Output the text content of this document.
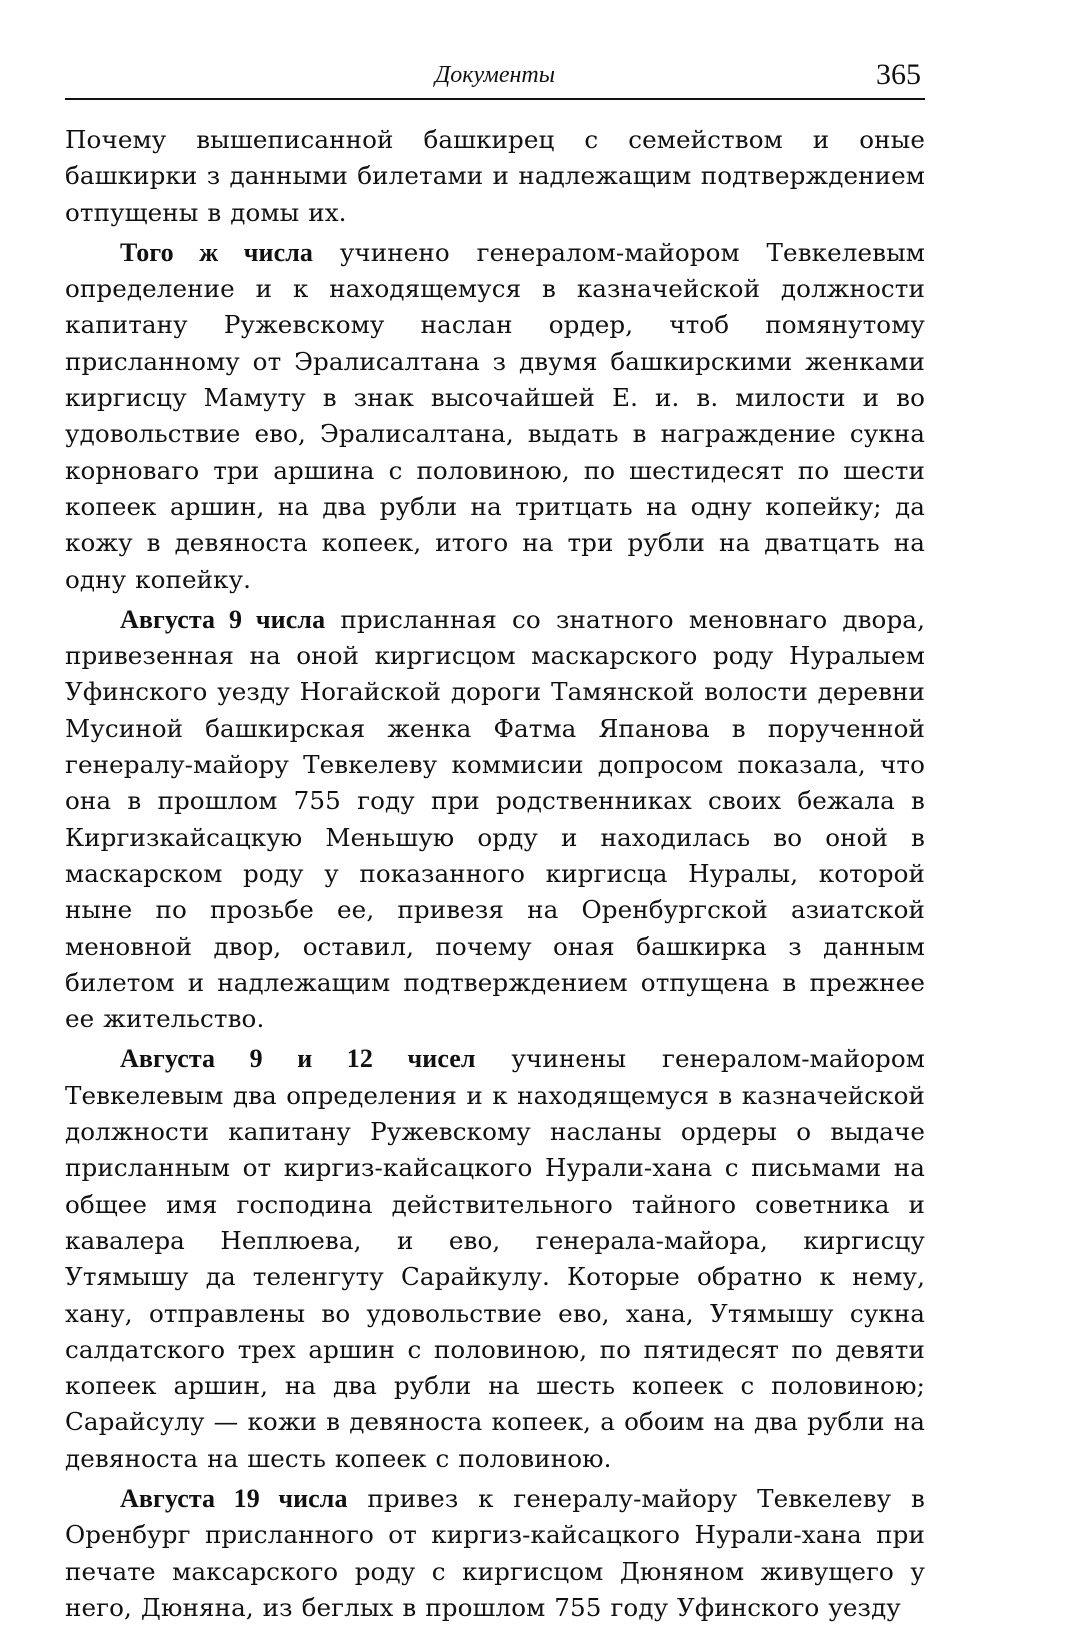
Документы	365

Почему вышеписанной башкирец с семейством и оные башкирки з данными билетами и надлежащим подтверждением отпущены в домы их.

Того ж числа учинено генералом-майором Тевкелевым определение и к находящемуся в казначейской должности капитану Ружевскому наслан ордер, чтоб помянутому присланному от Эралисалтана з двумя башкирскими женками киргисцу Мамуту в знак высочайшей Е. и. в. милости и во удовольствие ево, Эралисалтана, выдать в награждение сукна корноваго три аршина с половиною, по шестидесят по шести копеек аршин, на два рубли на тритцать на одну копейку; да кожу в девяноста копеек, итого на три рубли на дватцать на одну копейку.

Августа 9 числа присланная со знатного меновнаго двора, привезенная на оной киргисцом маскарского роду Нуралыем Уфинского уезду Ногайской дороги Тамянской волости деревни Мусиной башкирская женка Фатма Япанова в порученной генералу-майору Тевкелеву коммисии допросом показала, что она в прошлом 755 году при родственниках своих бежала в Киргизкайсацкую Меньшую орду и находилась во оной в маскарском роду у показанного киргисца Нуралы, которой ныне по прозьбе ее, привезя на Оренбургской азиатской меновной двор, оставил, почему оная башкирка з данным билетом и надлежащим подтверждением отпущена в прежнее ее жительство.

Августа 9 и 12 чисел учинены генералом-майором Тевкелевым два определения и к находящемуся в казначейской должности капитану Ружевскому насланы ордеры о выдаче присланным от киргиз-кайсацкого Нурали-хана с письмами на общее имя господина действительного тайного советника и кавалера Неплюева, и ево, генерала-майора, киргисцу Утямышу да теленгуту Сарайкулу. Которые обратно к нему, хану, отправлены во удовольствие ево, хана, Утямышу сукна салдатского трех аршин с половиною, по пятидесят по девяти копеек аршин, на два рубли на шесть копеек с половиною; Сарайсулу — кожи в девяноста копеек, а обоим на два рубли на девяноста на шесть копеек с половиною.

Августа 19 числа привез к генералу-майору Тевкелеву в Оренбург присланного от киргиз-кайсацкого Нурали-хана при печате максарского роду с киргисцом Дюняном живущего у него, Дюняна, из беглых в прошлом 755 году Уфинского уезду
